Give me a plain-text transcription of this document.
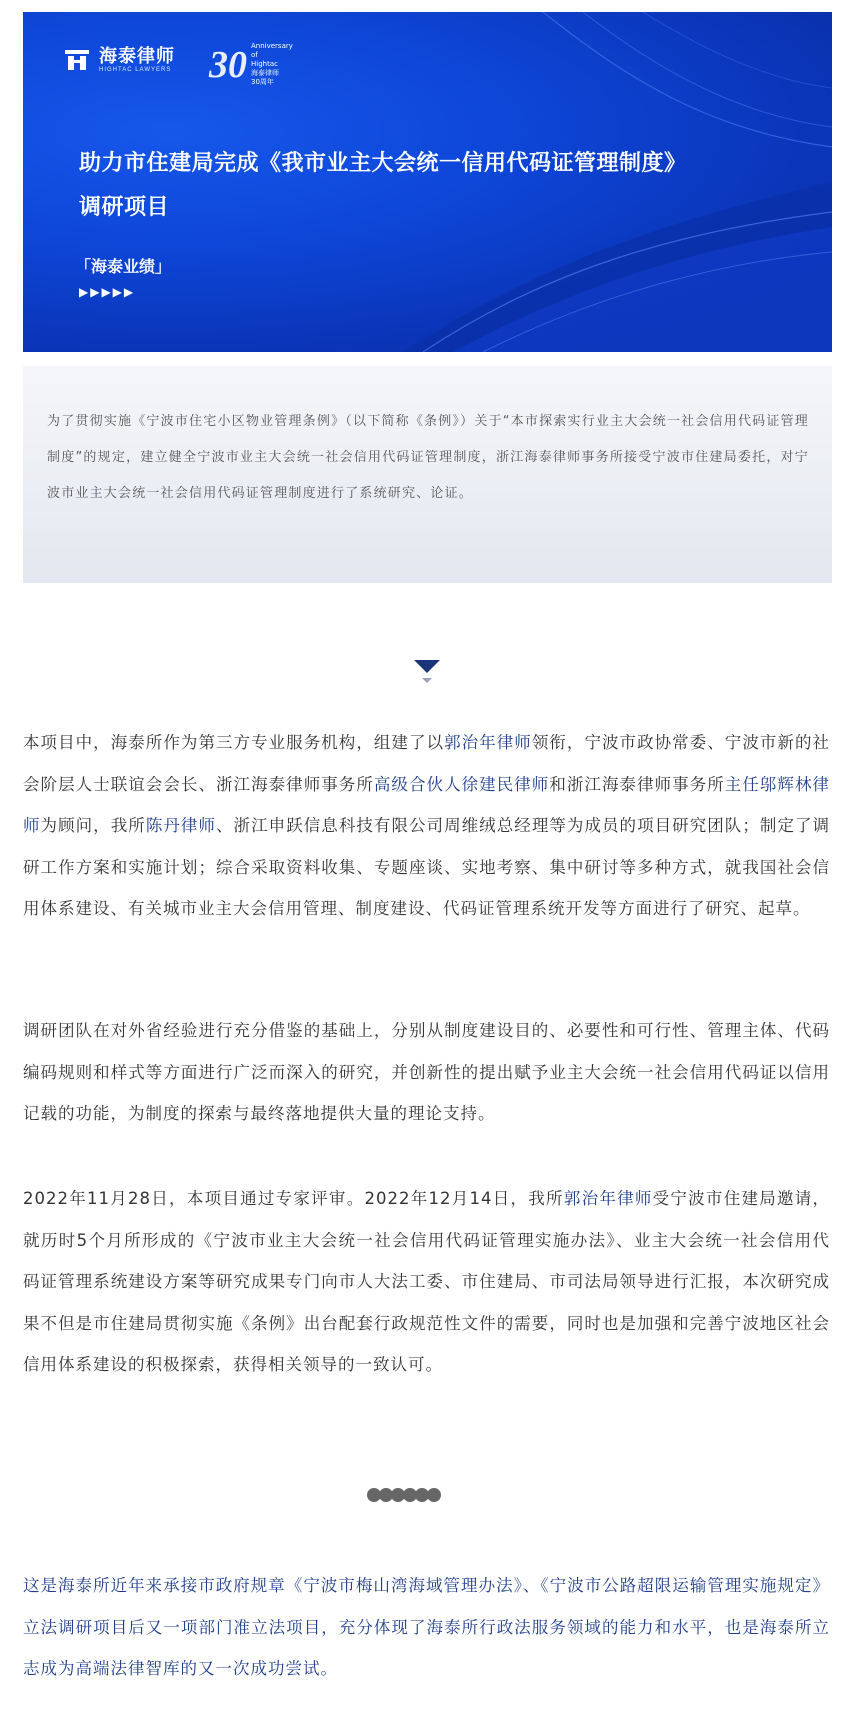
海泰律师
HIGHTAC LAWYERS 30 Anniversary of Hightac
海泰律师 30周年
助力市住建局完成《我市业主大会统一信用代码证管理制度》
调研项目
「海泰业绩」
▶▶▶▶▶

为了贯彻实施《宁波市住宅小区物业管理条例》（以下简称《条例》）关于“本市探索实行业主大会统一社会信用代码证管理制度”的规定，建立健全宁波市业主大会统一社会信用代码证管理制度，浙江海泰律师事务所接受宁波市住建局委托，对宁波市业主大会统一社会信用代码证管理制度进行了系统研究、论证。

本项目中，海泰所作为第三方专业服务机构，组建了以郭治年律师领衔，宁波市政协常委、宁波市新的社会阶层人士联谊会会长、浙江海泰律师事务所高级合伙人徐建民律师和浙江海泰律师事务所主任邬辉林律师为顾问，我所陈丹律师、浙江申跃信息科技有限公司周维绒总经理等为成员的项目研究团队；制定了调研工作方案和实施计划；综合采取资料收集、专题座谈、实地考察、集中研讨等多种方式，就我国社会信用体系建设、有关城市业主大会信用管理、制度建设、代码证管理系统开发等方面进行了研究、起草。

调研团队在对外省经验进行充分借鉴的基础上，分别从制度建设目的、必要性和可行性、管理主体、代码编码规则和样式等方面进行广泛而深入的研究，并创新性的提出赋予业主大会统一社会信用代码证以信用记载的功能，为制度的探索与最终落地提供大量的理论支持。

2022年11月28日，本项目通过专家评审。2022年12月14日，我所郭治年律师受宁波市住建局邀请，就历时5个月所形成的《宁波市业主大会统一社会信用代码证管理实施办法》、业主大会统一社会信用代码证管理系统建设方案等研究成果专门向市人大法工委、市住建局、市司法局领导进行汇报，本次研究成果不但是市住建局贯彻实施《条例》出台配套行政规范性文件的需要，同时也是加强和完善宁波地区社会信用体系建设的积极探索，获得相关领导的一致认可。

这是海泰所近年来承接市政府规章《宁波市梅山湾海域管理办法》、《宁波市公路超限运输管理实施规定》立法调研项目后又一项部门准立法项目，充分体现了海泰所行政法服务领域的能力和水平，也是海泰所立志成为高端法律智库的又一次成功尝试。
